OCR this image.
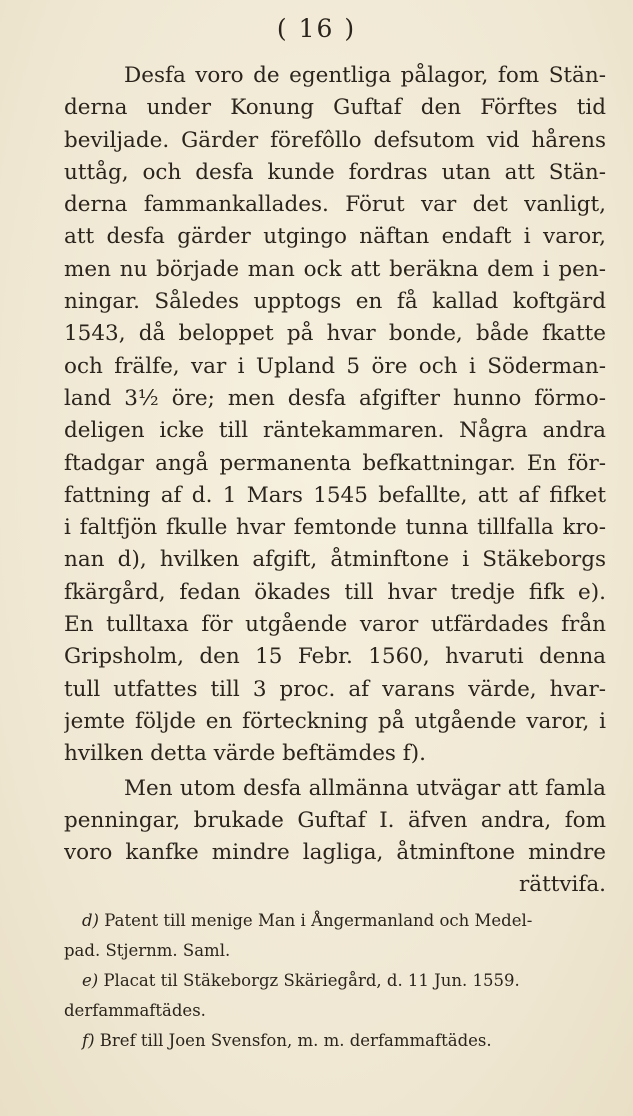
( 16 )
Desfa voro de egentliga pålagor, fom Stän-
derna under Konung Guftaf den Förftes tid
beviljade. Gärder förefôllo defsutom vid hårens
uttåg, och desfa kunde fordras utan att Stän-
derna fammankallades. Förut var det vanligt,
att desfa gärder utgingo näftan endaft i varor,
men nu började man ock att beräkna dem i pen-
ningar. Således upptogs en få kallad koftgärd
1543, då beloppet på hvar bonde, både fkatte
och frälfe, var i Upland 5 öre och i Söderman-
land 3½ öre; men desfa afgifter hunno förmo-
deligen icke till räntekammaren. Några andra
ftadgar angå permanenta befkattningar. En för-
fattning af d. 1 Mars 1545 befallte, att af fifket
i faltfjön fkulle hvar femtonde tunna tillfalla kro-
nan d), hvilken afgift, åtminftone i Stäkeborgs
fkärgård, fedan ökades till hvar tredje fifk e).
En tulltaxa för utgående varor utfärdades från
Gripsholm, den 15 Febr. 1560, hvaruti denna
tull utfattes till 3 proc. af varans värde, hvar-
jemte följde en förteckning på utgående varor, i
hvilken detta värde beftämdes f).
Men utom desfa allmänna utvägar att famla
penningar, brukade Guftaf I. äfven andra, fom
voro kanfke mindre lagliga, åtminftone mindre
rättvifa.
d) Patent till menige Man i Ångermanland och Medel-
pad. Stjernm. Saml.
e) Placat til Stäkeborgz Skäriegård, d. 11 Jun. 1559.
derfammaftädes.
f) Bref till Joen Svensfon, m. m. derfammaftädes.
